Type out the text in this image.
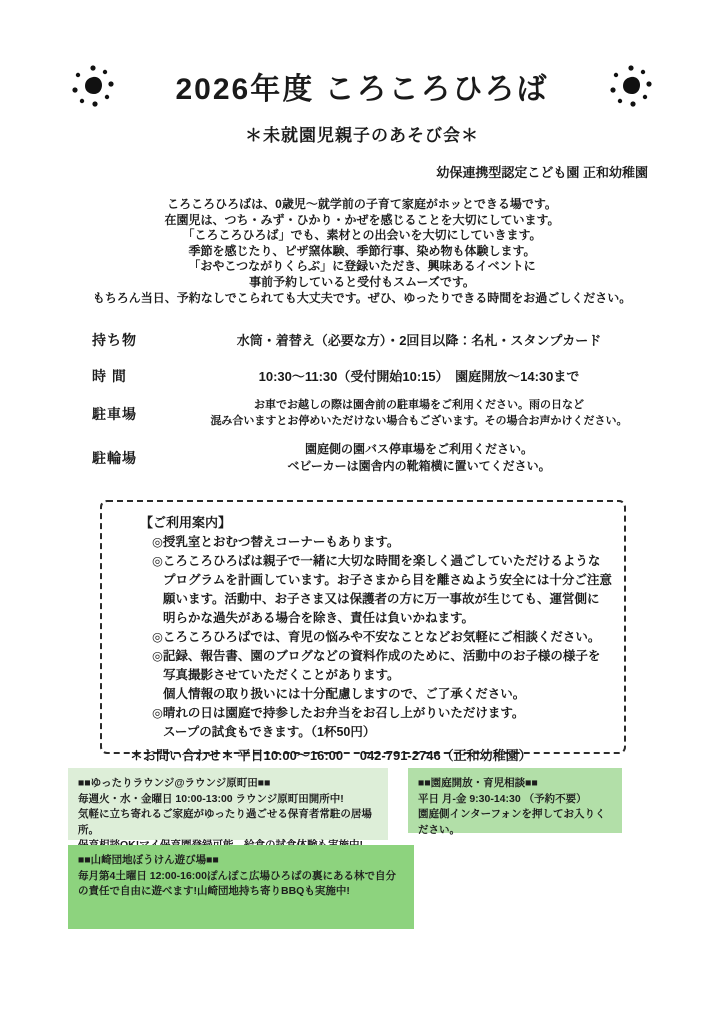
2026年度 ころころひろば
＊未就園児親子のあそび会＊
幼保連携型認定こども園 正和幼稚園
ころころひろばは、0歳児～就学前の子育て家庭がホッとできる場です。
在園児は、つち・みず・ひかり・かぜを感じることを大切にしています。
「ころころひろば」でも、素材との出会いを大切にしていきます。
季節を感じたり、ピザ窯体験、季節行事、染め物も体験します。
「おやこつながりくらぶ」に登録いただき、興味あるイベントに
事前予約していると受付もスムーズです。
もちろん当日、予約なしでこられても大丈夫です。ぜひ、ゆったりできる時間をお過ごしください。
持ち物	水筒・着替え（必要な方）・2回目以降：名札・スタンプカード
時 間	10:30～11:30（受付開始10:15）　園庭開放～14:30まで
駐車場
お車でお越しの際は園舎前の駐車場をご利用ください。雨の日など
混み合いますとお停めいただけない場合もございます。その場合お声かけください。
駐輪場
園庭側の園バス停車場をご利用ください。
ベビーカーは園舎内の靴箱横に置いてください。
【ご利用案内】
◎授乳室とおむつ替えコーナーもあります。
◎ころころひろばは親子で一緒に大切な時間を楽しく過ごしていただけるような
プログラムを計画しています。お子さまから目を離さぬよう安全には十分ご注意
願います。活動中、お子さま又は保護者の方に万一事故が生じても、運営側に
明らかな過失がある場合を除き、責任は負いかねます。
◎ころころひろばでは、育児の悩みや不安なことなどお気軽にご相談ください。
◎記録、報告書、園のブログなどの資料作成のために、活動中のお子様の様子を
写真撮影させていただくことがあります。
個人情報の取り扱いには十分配慮しますので、ご了承ください。
◎晴れの日は園庭で持参したお弁当をお召し上がりいただけます。
スープの試食もできます。（1杯50円）
＊お問い合わせ＊ 平日10:00～16:00　 042-791-2746（正和幼稚園）
■■ゆったりラウンジ@ラウンジ原町田■■
毎週火・水・金曜日 10:00-13:00 ラウンジ原町田開所中!
気軽に立ち寄れるご家庭がゆったり過ごせる保育者常駐の居場所。
■■園庭開放・育児相談■■
平日 月-金 9:30-14:30 （予約不要）
園庭側インターフォンを押してお入りください。
■■山崎団地ぼうけん遊び場■■
毎月第4土曜日 12:00-16:00ぽんぽこ広場ひろばの裏にある林で自分の責任で自由に遊べます!山崎団地持ち寄りBBQも実施中!
